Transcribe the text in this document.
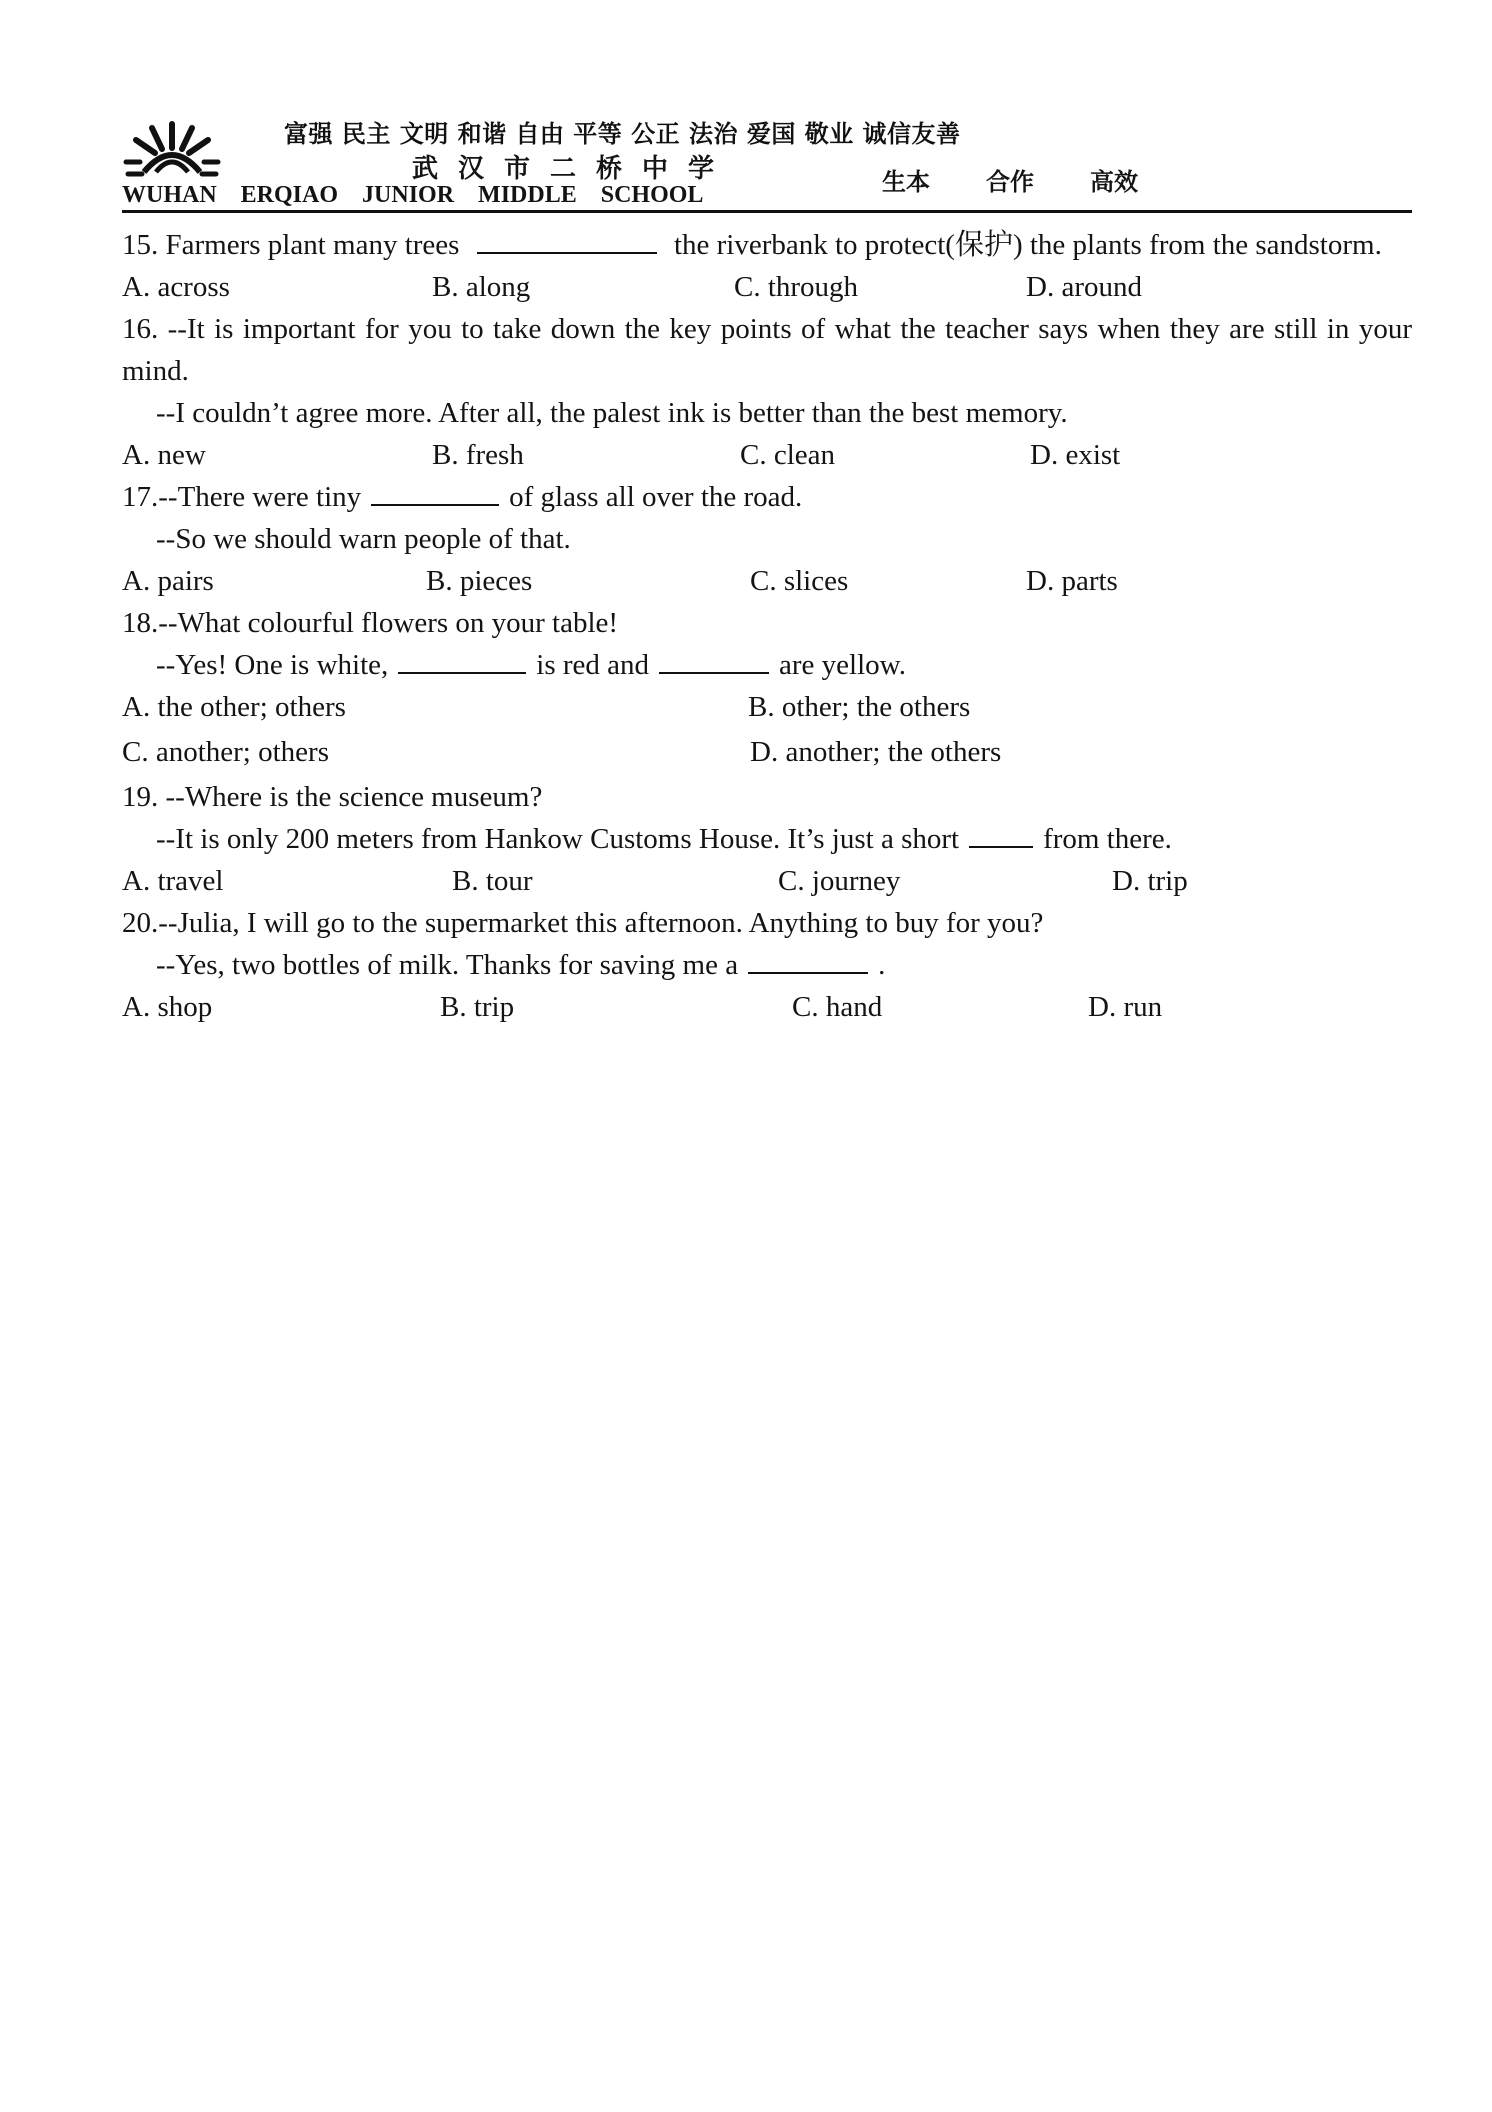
富强 民主 文明 和谐 自由 平等 公正 法治 爱国 敬业 诚信友善
武汉市二桥中学
WUHAN ERQIAO JUNIOR MIDDLE SCHOOL	生本 合作 高效

15. Farmers plant many trees	the riverbank to protect(保护) the plants from the sandstorm.

A. across	B. along	C. through	D. around

16. --It is important for you to take down the key points of what the teacher says when they are still in your mind.

--I couldn’t agree more. After all, the palest ink is better than the best memory.

A. new	B. fresh	C. clean	D. exist

17.--There were tiny	of glass all over the road.

--So we should warn people of that.

A. pairs	B. pieces	C. slices	D. parts

18.--What colourful flowers on your table!

--Yes! One is white,	is red and	are yellow.

A. the other; others	B. other; the others
C. another; others	D. another; the others

19. --Where is the science museum?

--It is only 200 meters from Hankow Customs House. It’s just a short	from there.

A. travel	B. tour	C. journey	D. trip

20.--Julia, I will go to the supermarket this afternoon. Anything to buy for you?

--Yes, two bottles of milk. Thanks for saving me a	.

A. shop	B. trip	C. hand	D. run
